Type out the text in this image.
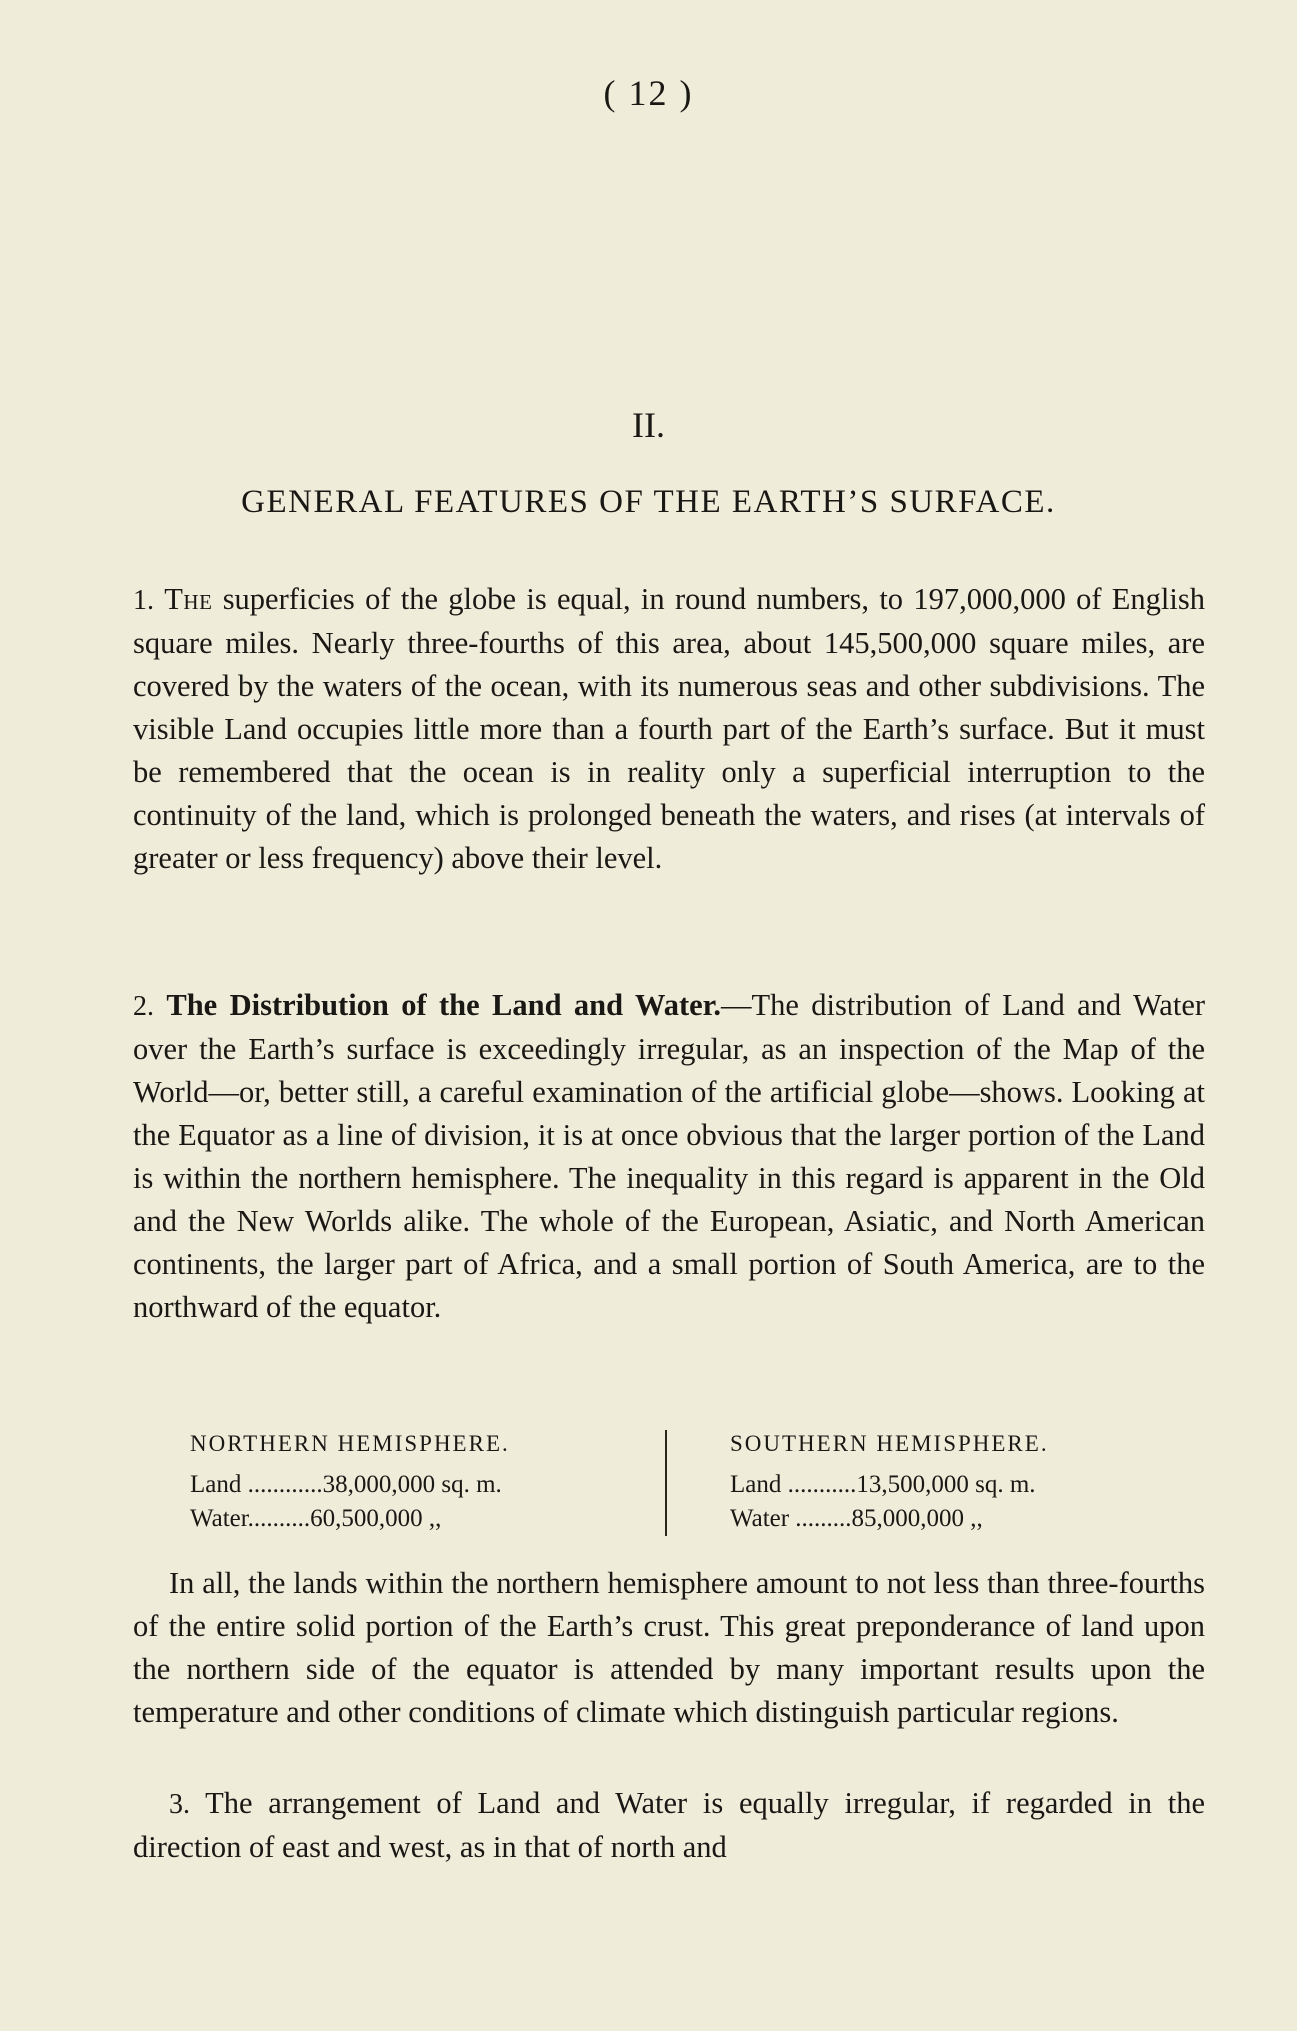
( 12 )
II.
GENERAL FEATURES OF THE EARTH’S SURFACE.

1. The superficies of the globe is equal, in round numbers, to 197,000,000 of English square miles. Nearly three-fourths of this area, about 145,500,000 square miles, are covered by the waters of the ocean, with its numerous seas and other subdivisions. The visible Land occupies little more than a fourth part of the Earth’s surface. But it must be remembered that the ocean is in reality only a superficial interruption to the continuity of the land, which is prolonged beneath the waters, and rises (at intervals of greater or less frequency) above their level.

2. The Distribution of the Land and Water.—The distribution of Land and Water over the Earth’s surface is exceedingly irregular, as an inspection of the Map of the World—or, better still, a careful examination of the artificial globe—shows. Looking at the Equator as a line of division, it is at once obvious that the larger portion of the Land is within the northern hemisphere. The inequality in this regard is apparent in the Old and the New Worlds alike. The whole of the European, Asiatic, and North American continents, the larger part of Africa, and a small portion of South America, are to the northward of the equator.

NORTHERN HEMISPHERE.
Land ............38,000,000 sq. m.
Water..........60,500,000 ,,
SOUTHERN HEMISPHERE.
Land ...........13,500,000 sq. m.
Water .........85,000,000 ,,

In all, the lands within the northern hemisphere amount to not less than three-fourths of the entire solid portion of the Earth’s crust. This great preponderance of land upon the northern side of the equator is attended by many important results upon the temperature and other conditions of climate which distinguish particular regions.

3. The arrangement of Land and Water is equally irregular, if regarded in the direction of east and west, as in that of north and
